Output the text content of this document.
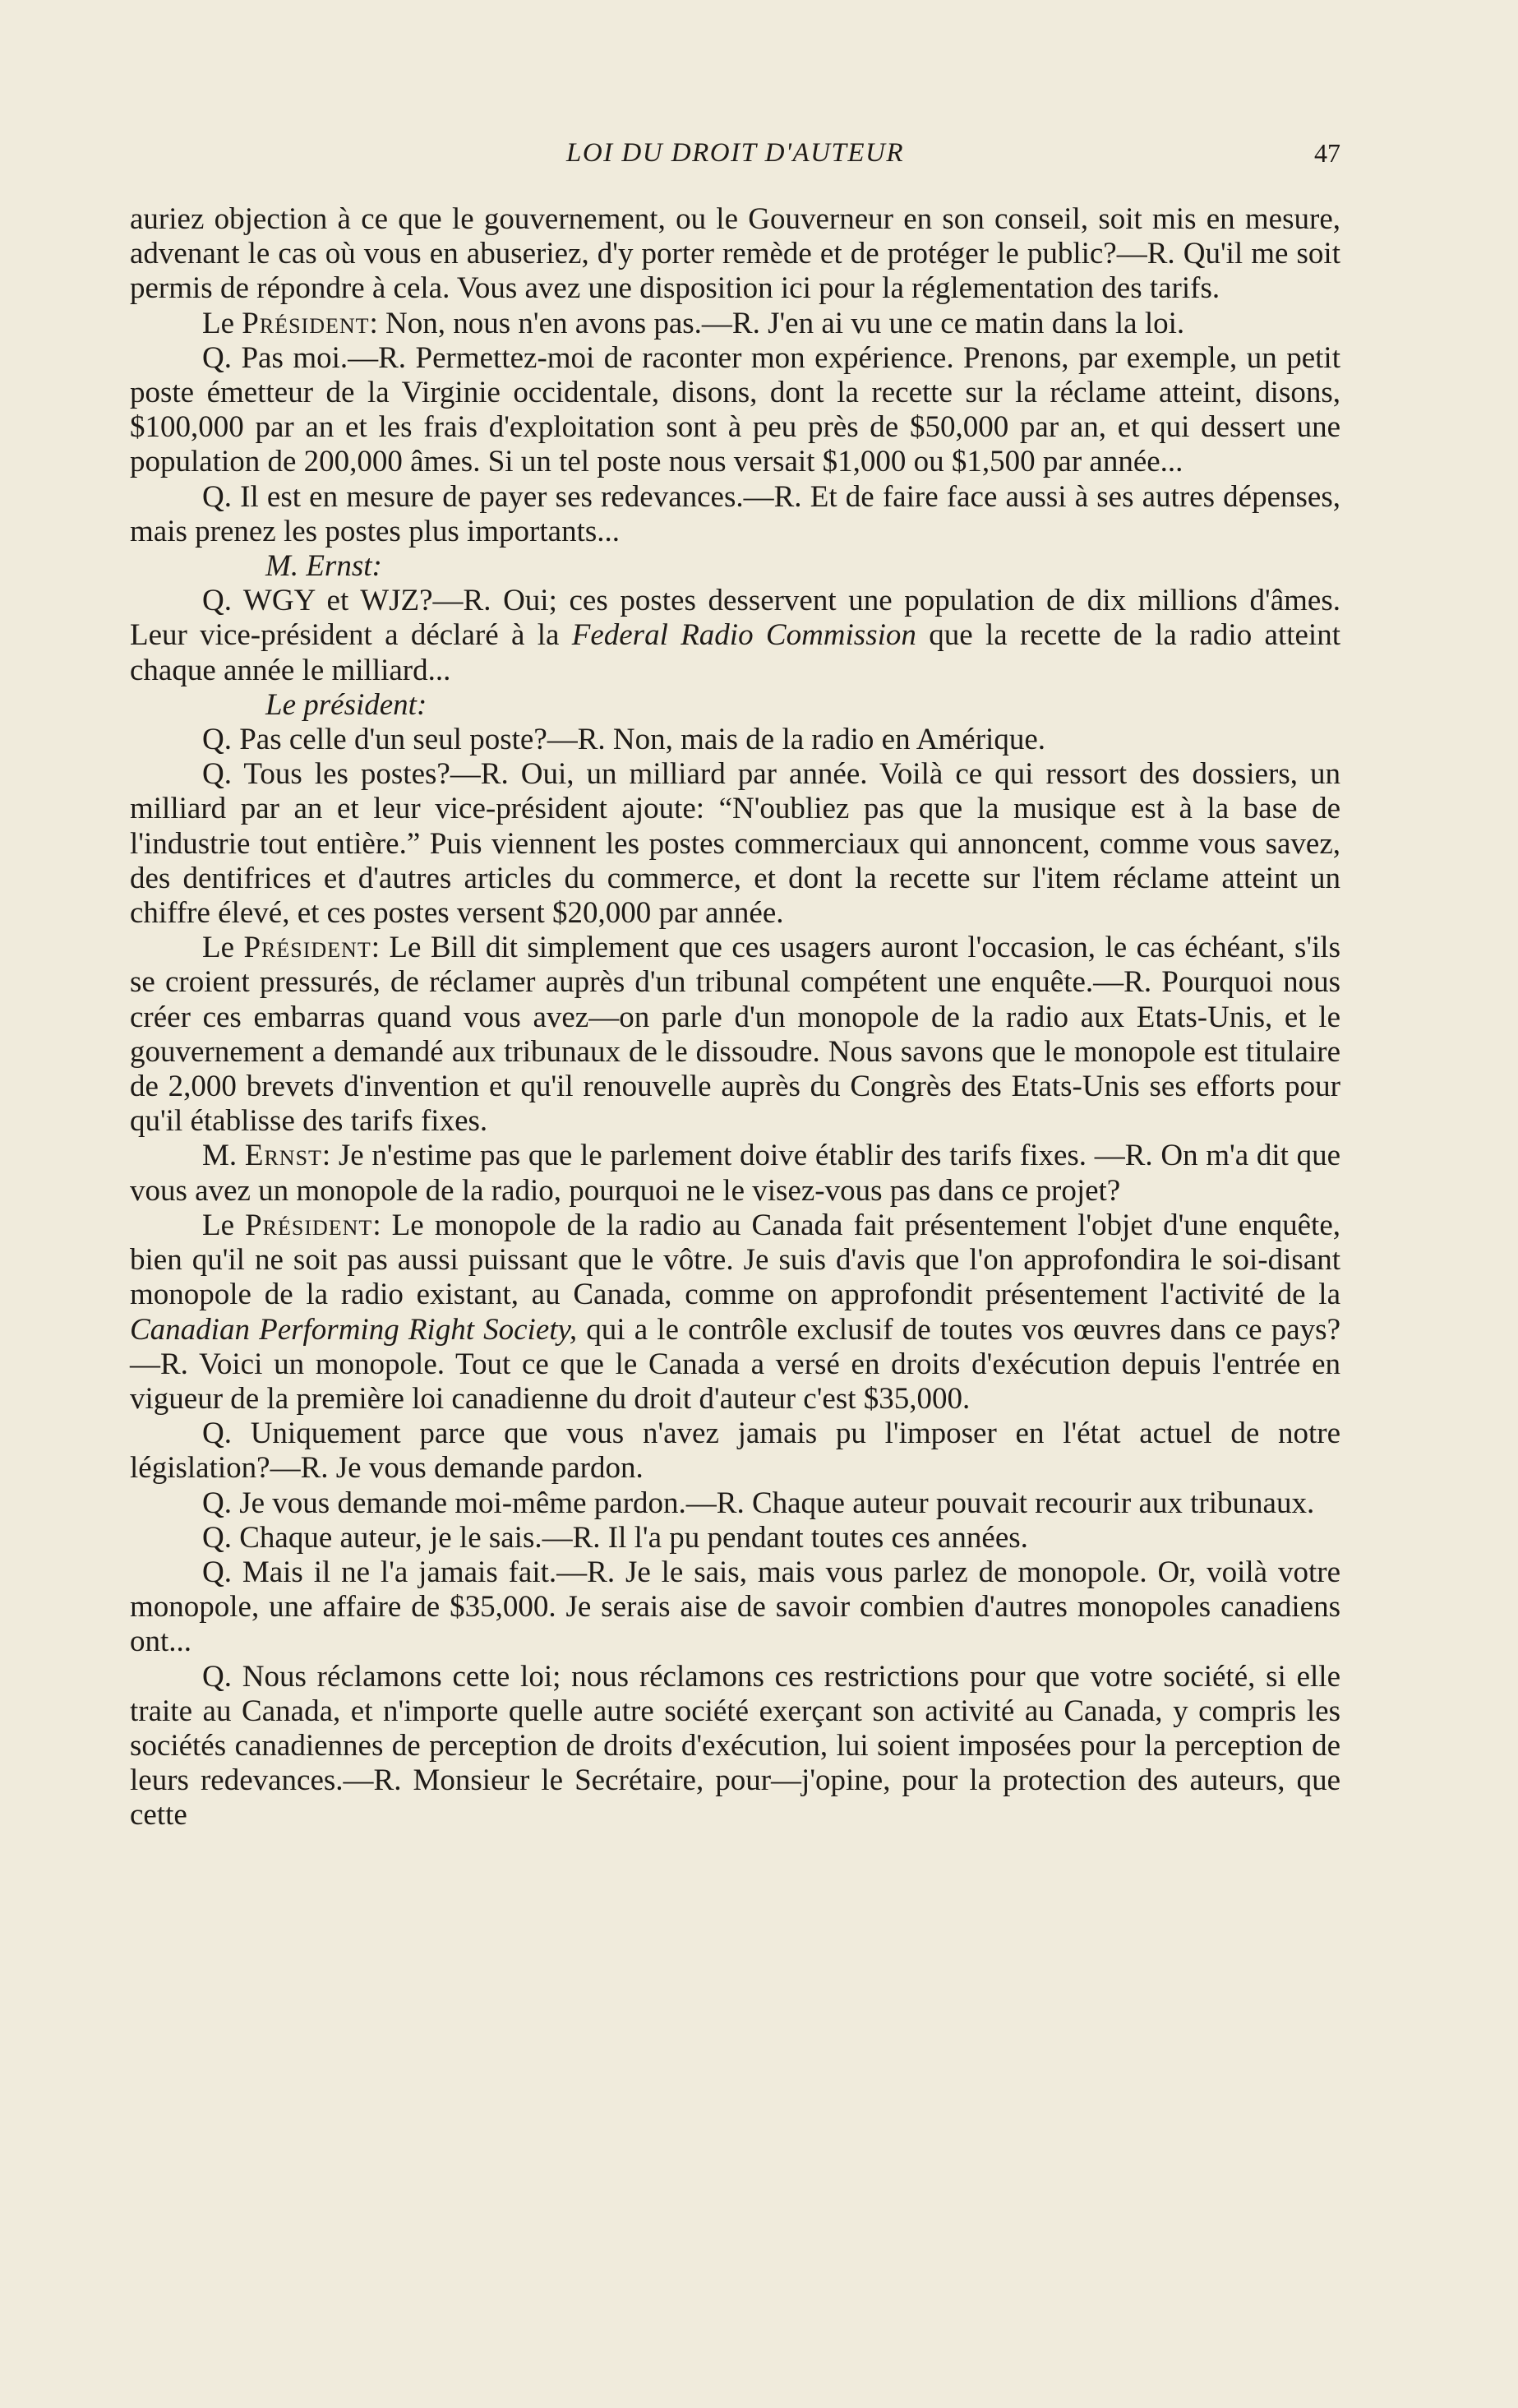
LOI DU DROIT D'AUTEUR	47

auriez objection à ce que le gouvernement, ou le Gouverneur en son conseil, soit mis en mesure, advenant le cas où vous en abuseriez, d'y porter remède et de protéger le public?—R. Qu'il me soit permis de répondre à cela. Vous avez une disposition ici pour la réglementation des tarifs.

Le Président: Non, nous n'en avons pas.—R. J'en ai vu une ce matin dans la loi.

Q. Pas moi.—R. Permettez-moi de raconter mon expérience. Prenons, par exemple, un petit poste émetteur de la Virginie occidentale, disons, dont la recette sur la réclame atteint, disons, $100,000 par an et les frais d'exploitation sont à peu près de $50,000 par an, et qui dessert une population de 200,000 âmes. Si un tel poste nous versait $1,000 ou $1,500 par année...

Q. Il est en mesure de payer ses redevances.—R. Et de faire face aussi à ses autres dépenses, mais prenez les postes plus importants...

M. Ernst:

Q. WGY et WJZ?—R. Oui; ces postes desservent une population de dix millions d'âmes. Leur vice-président a déclaré à la Federal Radio Commission que la recette de la radio atteint chaque année le milliard...

Le président:

Q. Pas celle d'un seul poste?—R. Non, mais de la radio en Amérique.

Q. Tous les postes?—R. Oui, un milliard par année. Voilà ce qui ressort des dossiers, un milliard par an et leur vice-président ajoute: “N'oubliez pas que la musique est à la base de l'industrie tout entière.” Puis viennent les postes commerciaux qui annoncent, comme vous savez, des dentifrices et d'autres articles du commerce, et dont la recette sur l'item réclame atteint un chiffre élevé, et ces postes versent $20,000 par année.

Le Président: Le Bill dit simplement que ces usagers auront l'occasion, le cas échéant, s'ils se croient pressurés, de réclamer auprès d'un tribunal compétent une enquête.—R. Pourquoi nous créer ces embarras quand vous avez—on parle d'un monopole de la radio aux Etats-Unis, et le gouvernement a demandé aux tribunaux de le dissoudre. Nous savons que le monopole est titulaire de 2,000 brevets d'invention et qu'il renouvelle auprès du Congrès des Etats-Unis ses efforts pour qu'il établisse des tarifs fixes.

M. Ernst: Je n'estime pas que le parlement doive établir des tarifs fixes. —R. On m'a dit que vous avez un monopole de la radio, pourquoi ne le visez-vous pas dans ce projet?

Le Président: Le monopole de la radio au Canada fait présentement l'objet d'une enquête, bien qu'il ne soit pas aussi puissant que le vôtre. Je suis d'avis que l'on approfondira le soi-disant monopole de la radio existant, au Canada, comme on approfondit présentement l'activité de la Canadian Performing Right Society, qui a le contrôle exclusif de toutes vos œuvres dans ce pays? —R. Voici un monopole. Tout ce que le Canada a versé en droits d'exécution depuis l'entrée en vigueur de la première loi canadienne du droit d'auteur c'est $35,000.

Q. Uniquement parce que vous n'avez jamais pu l'imposer en l'état actuel de notre législation?—R. Je vous demande pardon.

Q. Je vous demande moi-même pardon.—R. Chaque auteur pouvait recourir aux tribunaux.

Q. Chaque auteur, je le sais.—R. Il l'a pu pendant toutes ces années.

Q. Mais il ne l'a jamais fait.—R. Je le sais, mais vous parlez de monopole. Or, voilà votre monopole, une affaire de $35,000. Je serais aise de savoir combien d'autres monopoles canadiens ont...

Q. Nous réclamons cette loi; nous réclamons ces restrictions pour que votre société, si elle traite au Canada, et n'importe quelle autre société exerçant son activité au Canada, y compris les sociétés canadiennes de perception de droits d'exécution, lui soient imposées pour la perception de leurs redevances.—R. Monsieur le Secrétaire, pour—j'opine, pour la protection des auteurs, que cette
